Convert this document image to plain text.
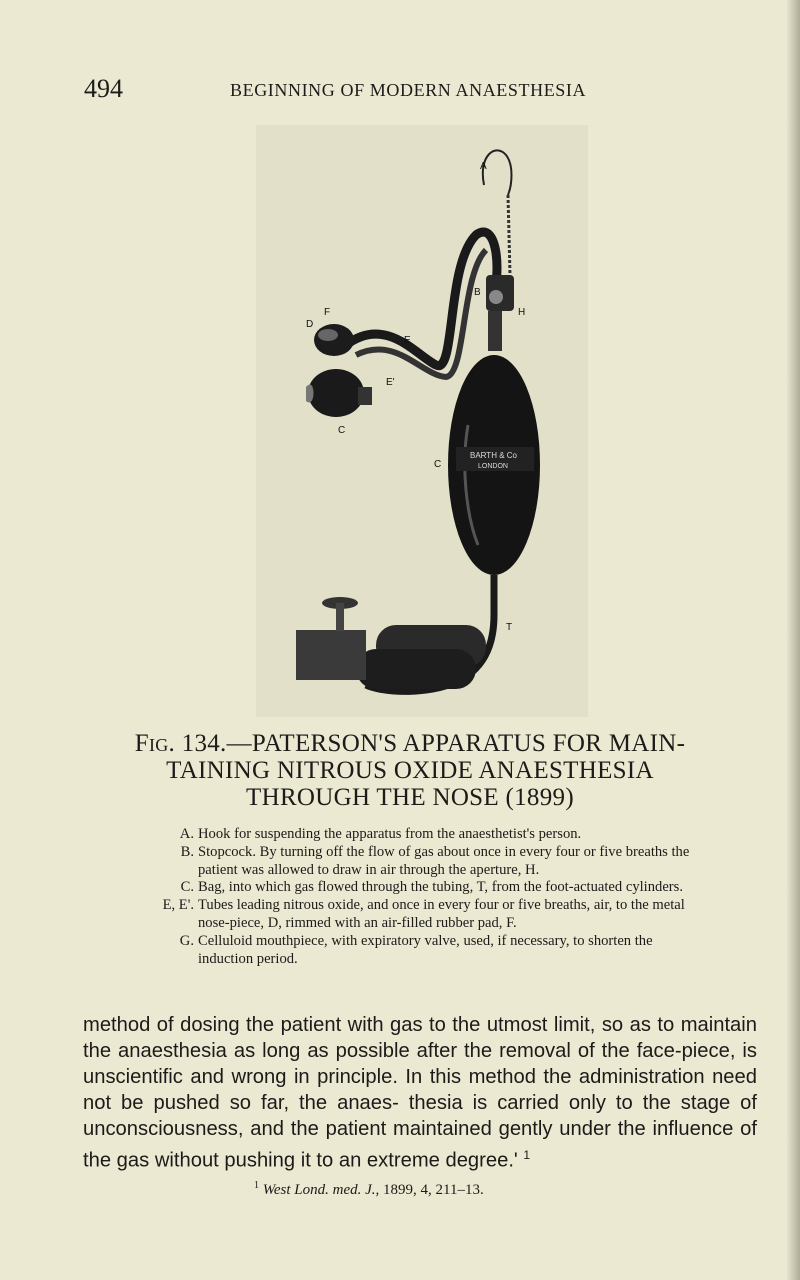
494	BEGINNING OF MODERN ANAESTHESIA
BARTH & Co
LONDON
A
B
H
F
D
E
E'
C
C
T
Fig. 134.—PATERSON'S APPARATUS FOR MAIN-
TAINING NITROUS OXIDE ANAESTHESIA
THROUGH THE NOSE (1899)
A. Hook for suspending the apparatus from the anaesthetist's person.
B. Stopcock. By turning off the flow of gas about once in every four or five breaths the patient was allowed to draw in air through the aperture, H.
C. Bag, into which gas flowed through the tubing, T, from the foot-actuated cylinders.
E, E'. Tubes leading nitrous oxide, and once in every four or five breaths, air, to the metal nose-piece, D, rimmed with an air-filled rubber pad, F.
G. Celluloid mouthpiece, with expiratory valve, used, if necessary, to shorten the induction period.
method of dosing the patient with gas to the utmost limit, so as to maintain the anaesthesia as long as possible after the removal of the face-piece, is unscientific and wrong in principle. In this method the administration need not be pushed so far, the anaes- thesia is carried only to the stage of unconsciousness, and the patient maintained gently under the influence of the gas without pushing it to an extreme degree.' $^1$
$^1$ West Lond. med. J., 1899, 4, 211–13.
